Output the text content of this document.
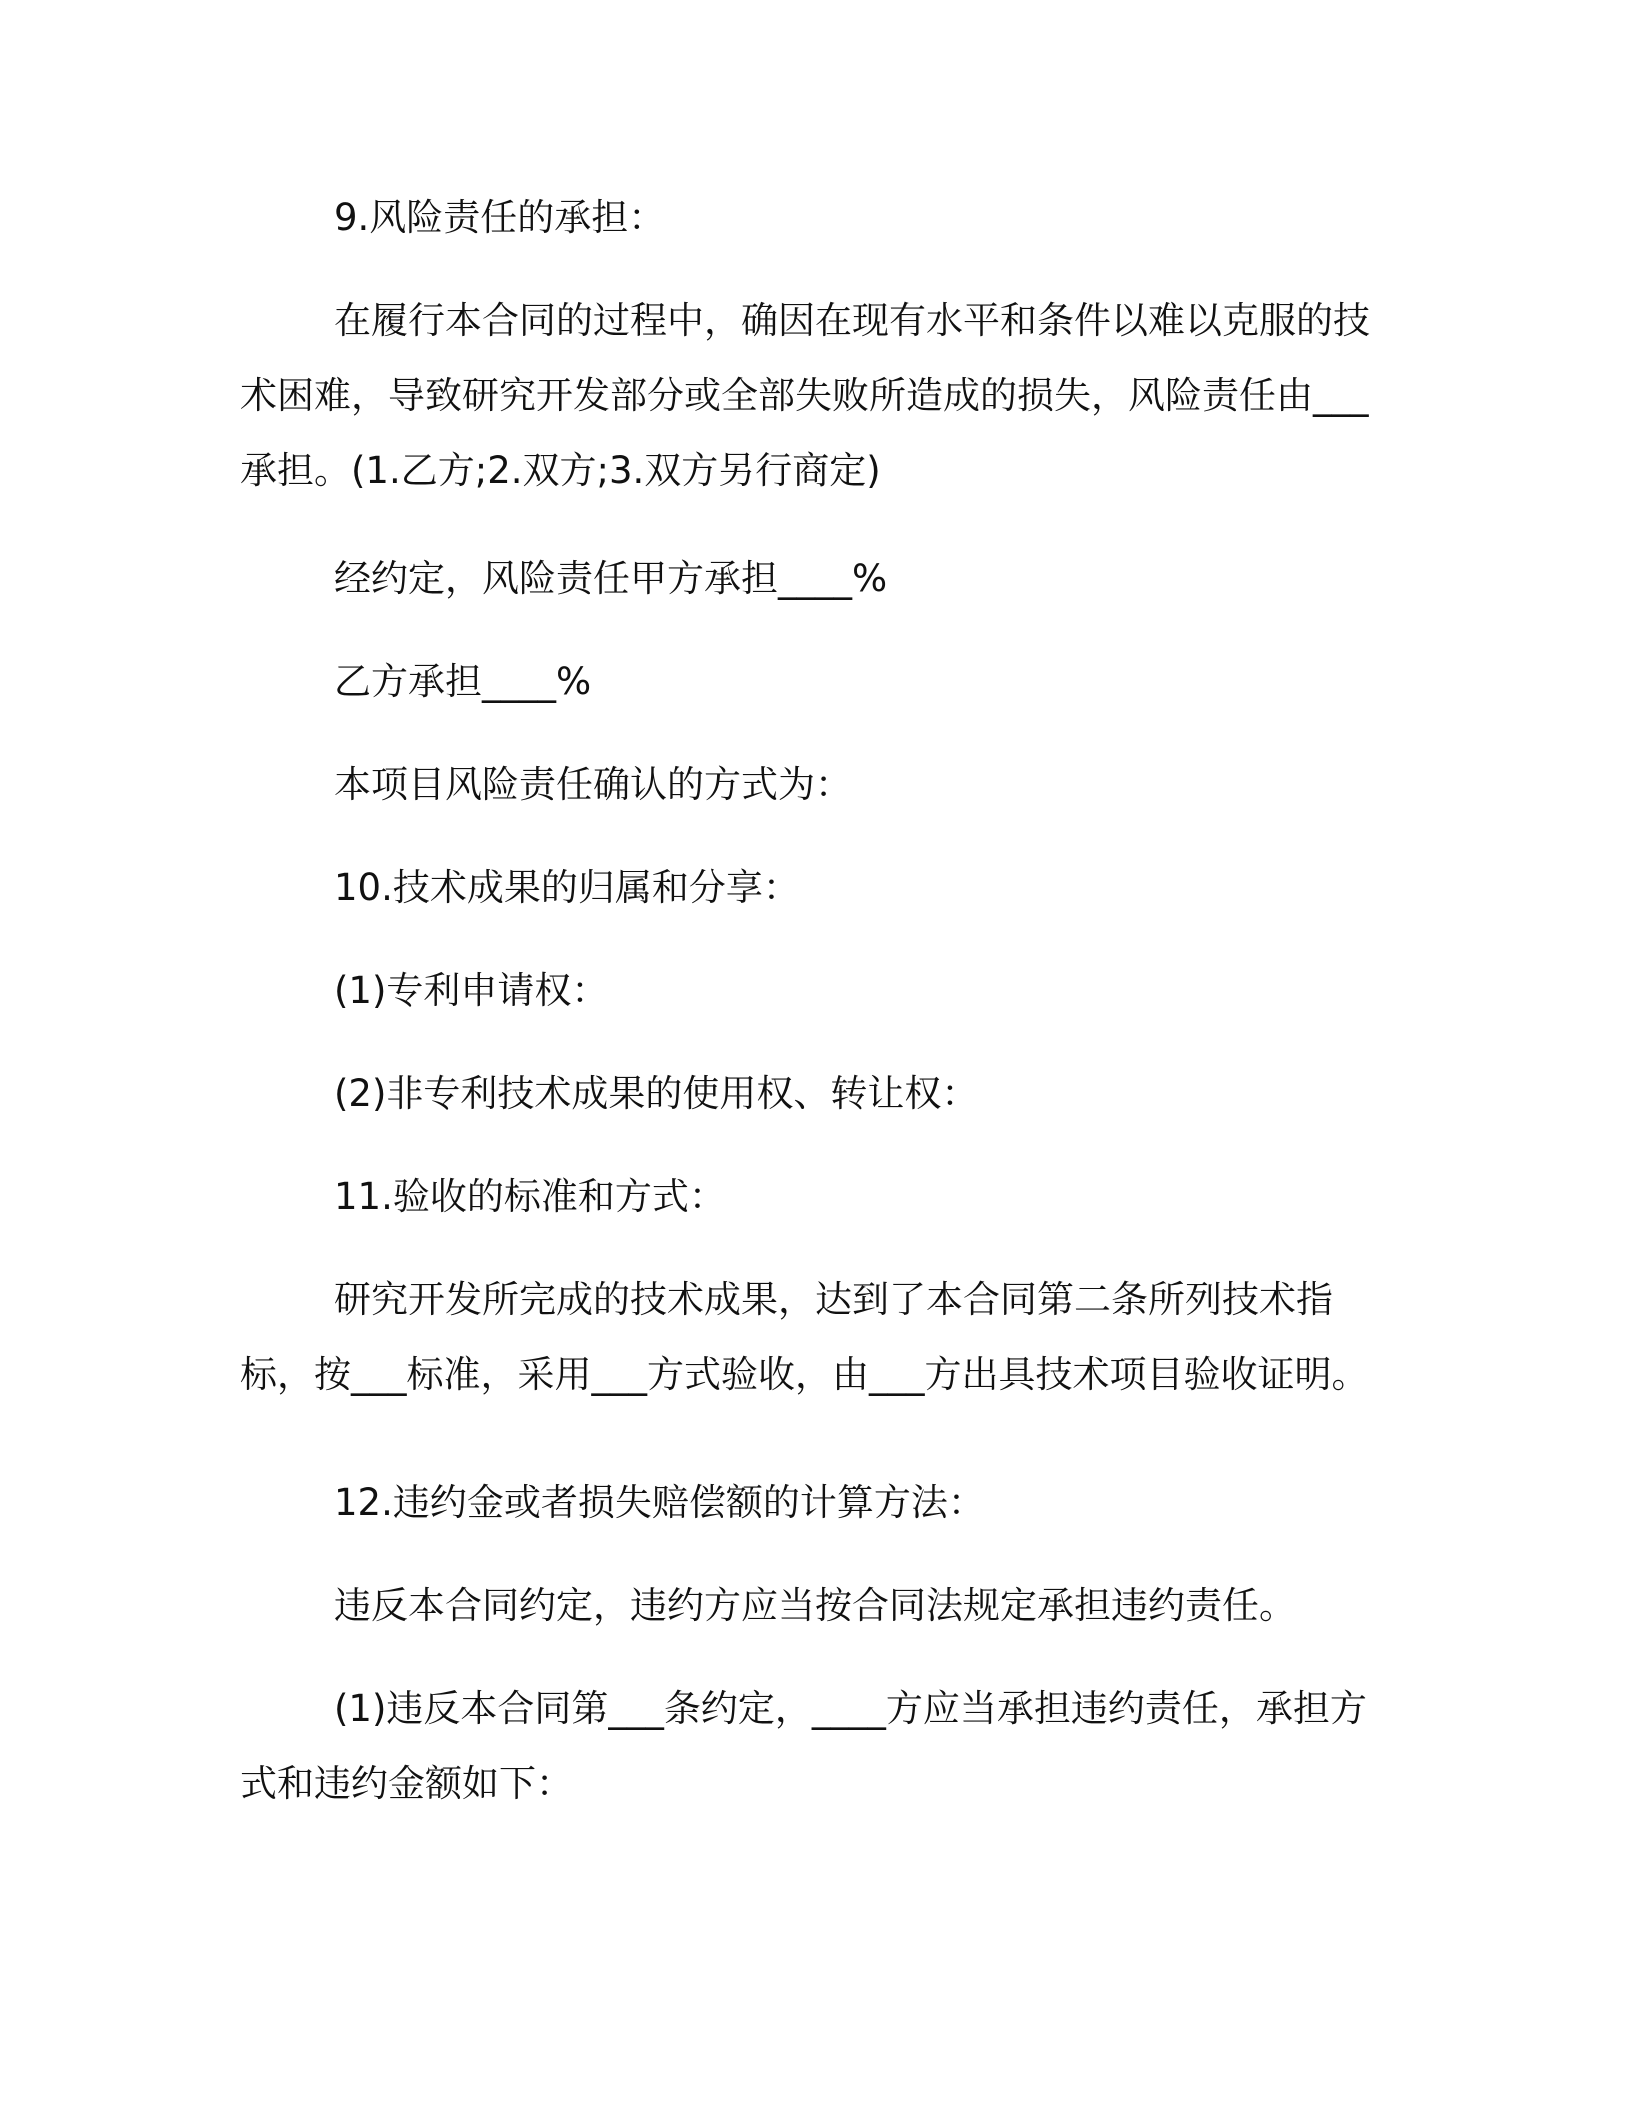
9.风险责任的承担：

在履行本合同的过程中，确因在现有水平和条件以难以克服的技术困难，导致研究开发部分或全部失败所造成的损失，风险责任由___承担。(1.乙方;2.双方;3.双方另行商定)

经约定，风险责任甲方承担____%

乙方承担____%

本项目风险责任确认的方式为：

10.技术成果的归属和分享：

(1)专利申请权：

(2)非专利技术成果的使用权、转让权：

11.验收的标准和方式：

研究开发所完成的技术成果，达到了本合同第二条所列技术指标，按___标准，采用___方式验收，由___方出具技术项目验收证明。

12.违约金或者损失赔偿额的计算方法：

违反本合同约定，违约方应当按合同法规定承担违约责任。

(1)违反本合同第___条约定，____方应当承担违约责任，承担方式和违约金额如下：
